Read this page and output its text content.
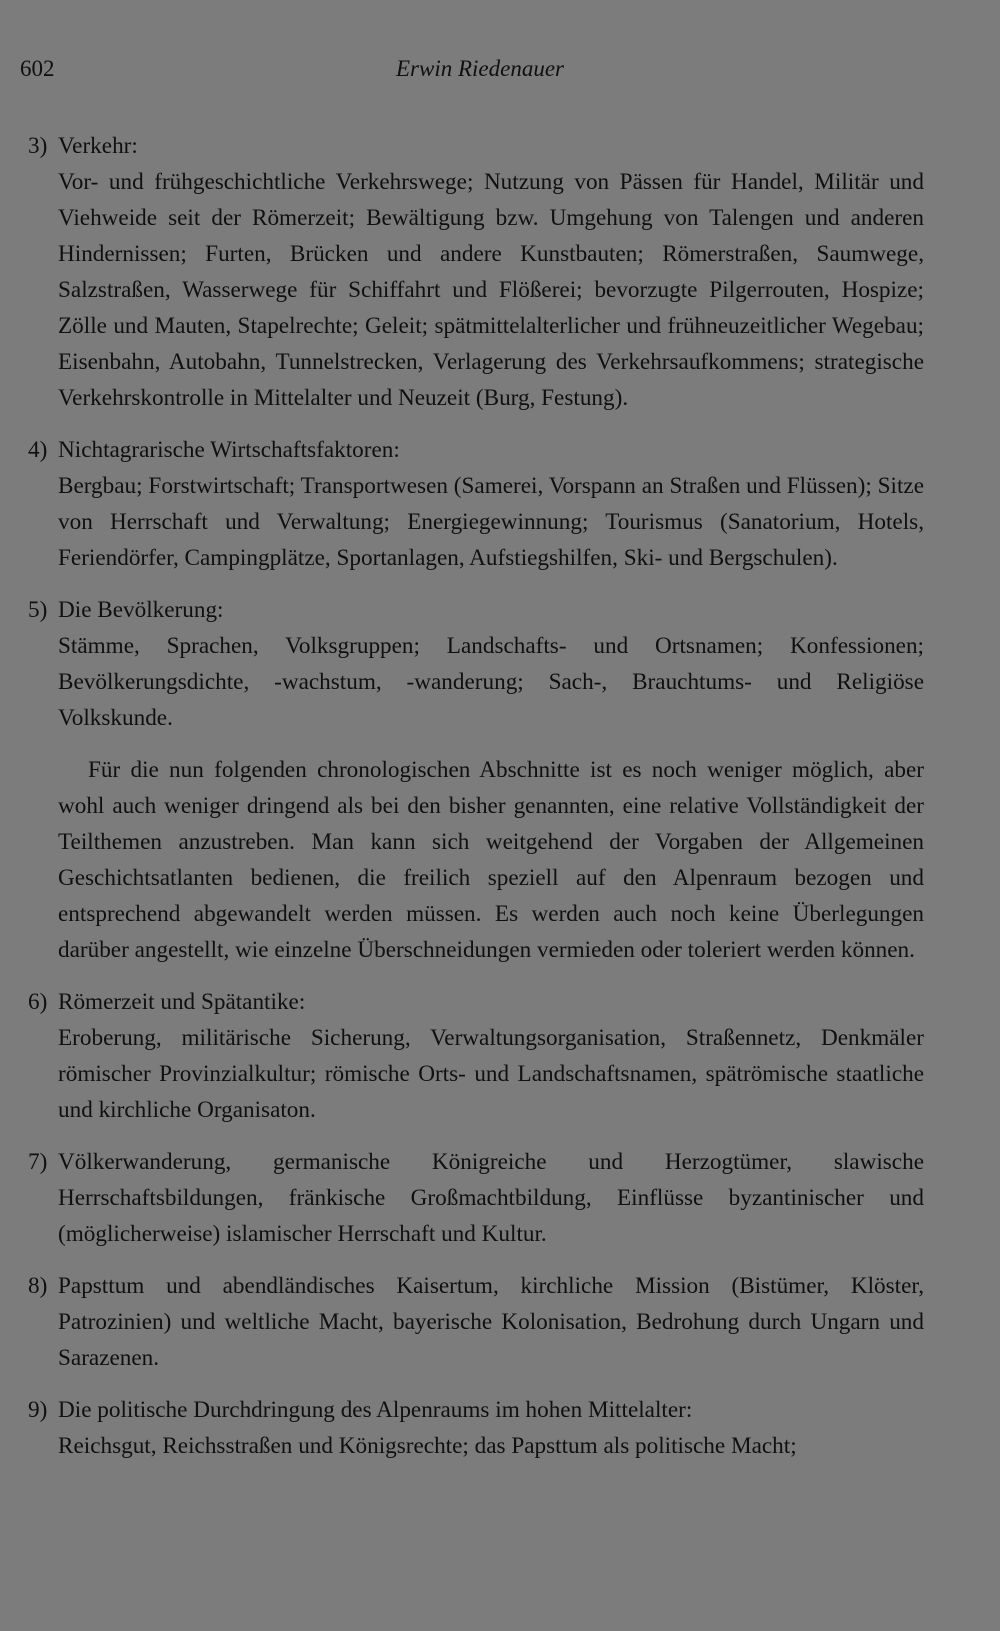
602	Erwin Riedenauer
3) Verkehr:
Vor- und frühgeschichtliche Verkehrswege; Nutzung von Pässen für Handel, Militär und Viehweide seit der Römerzeit; Bewältigung bzw. Umgehung von Talengen und anderen Hindernissen; Furten, Brücken und andere Kunstbauten; Römerstraßen, Saumwege, Salzstraßen, Wasserwege für Schiffahrt und Flößerei; bevorzugte Pilgerrouten, Hospize; Zölle und Mauten, Stapelrechte; Geleit; spätmittelalterlicher und frühneuzeitlicher Wegebau; Eisenbahn, Autobahn, Tunnelstrecken, Verlagerung des Verkehrsaufkommens; strategische Verkehrskontrolle in Mittelalter und Neuzeit (Burg, Festung).
4) Nichtagrarische Wirtschaftsfaktoren:
Bergbau; Forstwirtschaft; Transportwesen (Samerei, Vorspann an Straßen und Flüssen); Sitze von Herrschaft und Verwaltung; Energiegewinnung; Tourismus (Sanatorium, Hotels, Feriendörfer, Campingplätze, Sportanlagen, Aufstiegshilfen, Ski- und Bergschulen).
5) Die Bevölkerung:
Stämme, Sprachen, Volksgruppen; Landschafts- und Ortsnamen; Konfessionen; Bevölkerungsdichte, -wachstum, -wanderung; Sach-, Brauchtums- und Religiöse Volkskunde.

Für die nun folgenden chronologischen Abschnitte ist es noch weniger möglich, aber wohl auch weniger dringend als bei den bisher genannten, eine relative Vollständigkeit der Teilthemen anzustreben. Man kann sich weitgehend der Vorgaben der Allgemeinen Geschichtsatlanten bedienen, die freilich speziell auf den Alpenraum bezogen und entsprechend abgewandelt werden müssen. Es werden auch noch keine Überlegungen darüber angestellt, wie einzelne Überschneidungen vermieden oder toleriert werden können.

6) Römerzeit und Spätantike:
Eroberung, militärische Sicherung, Verwaltungsorganisation, Straßennetz, Denkmäler römischer Provinzialkultur; römische Orts- und Landschaftsnamen, spätrömische staatliche und kirchliche Organisaton.
7) Völkerwanderung, germanische Königreiche und Herzogtümer, slawische Herrschaftsbildungen, fränkische Großmachtbildung, Einflüsse byzantinischer und (möglicherweise) islamischer Herrschaft und Kultur.
8) Papsttum und abendländisches Kaisertum, kirchliche Mission (Bistümer, Klöster, Patrozinien) und weltliche Macht, bayerische Kolonisation, Bedrohung durch Ungarn und Sarazenen.
9) Die politische Durchdringung des Alpenraums im hohen Mittelalter:
Reichsgut, Reichsstraßen und Königsrechte; das Papsttum als politische Macht;
